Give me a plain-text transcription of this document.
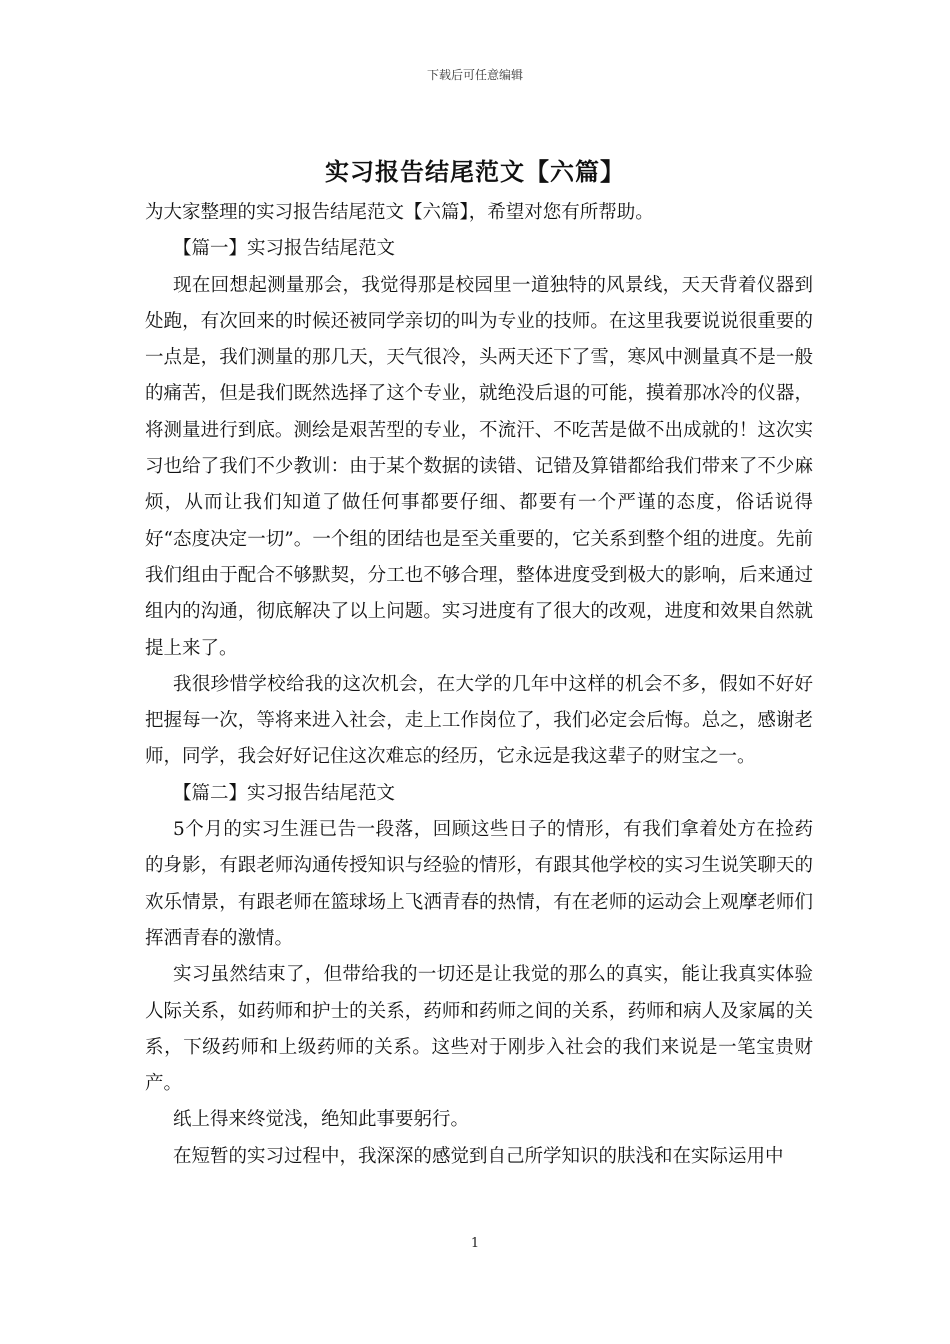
下载后可任意编辑
实习报告结尾范文【六篇】

为大家整理的实习报告结尾范文【六篇】，希望对您有所帮助。

【篇一】实习报告结尾范文

现在回想起测量那会，我觉得那是校园里一道独特的风景线，天天背着仪器到处跑，有次回来的时候还被同学亲切的叫为专业的技师。在这里我要说说很重要的一点是，我们测量的那几天，天气很冷，头两天还下了雪，寒风中测量真不是一般的痛苦，但是我们既然选择了这个专业，就绝没后退的可能，摸着那冰冷的仪器，将测量进行到底。测绘是艰苦型的专业，不流汗、不吃苦是做不出成就的！这次实习也给了我们不少教训：由于某个数据的读错、记错及算错都给我们带来了不少麻烦，从而让我们知道了做任何事都要仔细、都要有一个严谨的态度，俗话说得好“态度决定一切”。一个组的团结也是至关重要的，它关系到整个组的进度。先前我们组由于配合不够默契，分工也不够合理，整体进度受到极大的影响，后来通过组内的沟通，彻底解决了以上问题。实习进度有了很大的改观，进度和效果自然就提上来了。

我很珍惜学校给我的这次机会，在大学的几年中这样的机会不多，假如不好好把握每一次，等将来进入社会，走上工作岗位了，我们必定会后悔。总之，感谢老师，同学，我会好好记住这次难忘的经历，它永远是我这辈子的财宝之一。

【篇二】实习报告结尾范文

5个月的实习生涯已告一段落，回顾这些日子的情形，有我们拿着处方在捡药的身影，有跟老师沟通传授知识与经验的情形，有跟其他学校的实习生说笑聊天的欢乐情景，有跟老师在篮球场上飞洒青春的热情，有在老师的运动会上观摩老师们挥洒青春的激情。

实习虽然结束了，但带给我的一切还是让我觉的那么的真实，能让我真实体验人际关系，如药师和护士的关系，药师和药师之间的关系，药师和病人及家属的关系，下级药师和上级药师的关系。这些对于刚步入社会的我们来说是一笔宝贵财产。

纸上得来终觉浅，绝知此事要躬行。

在短暂的实习过程中，我深深的感觉到自己所学知识的肤浅和在实际运用中

1
